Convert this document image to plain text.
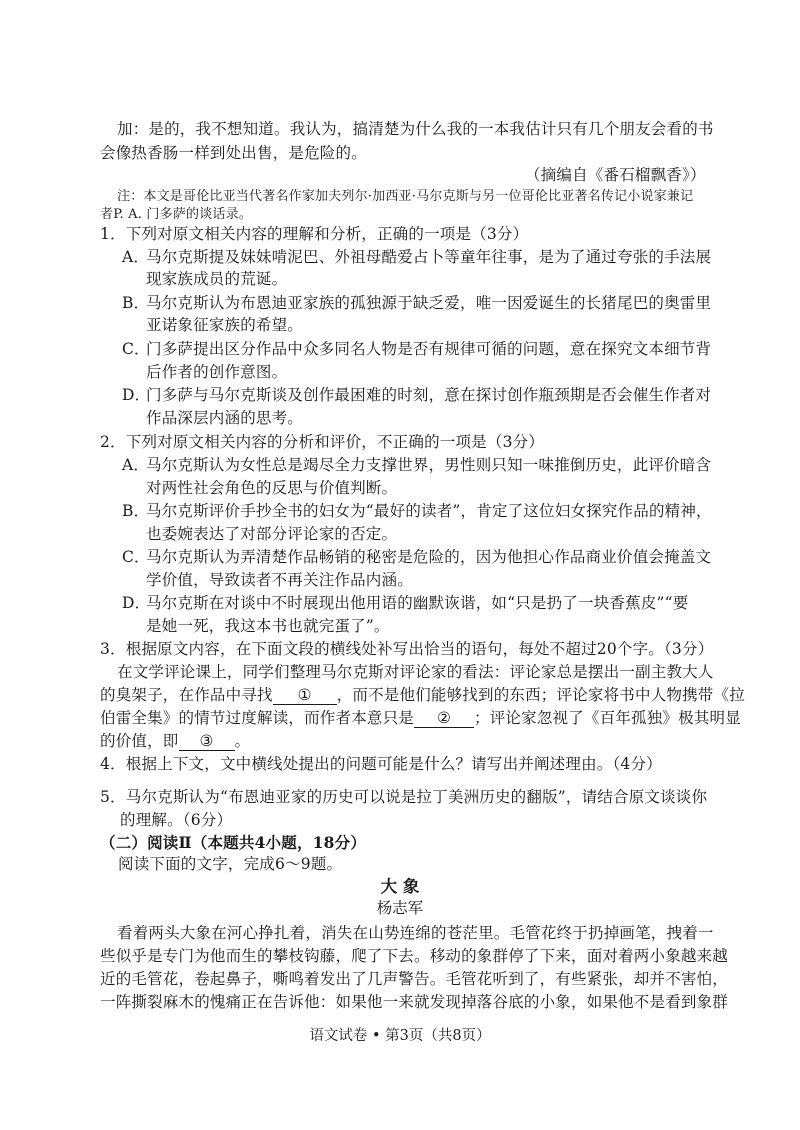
加：是的，我不想知道。我认为，搞清楚为什么我的一本我估计只有几个朋友会看的书
会像热香肠一样到处出售，是危险的。
（摘编自《番石榴飘香》）
注：本文是哥伦比亚当代著名作家加夫列尔·加西亚·马尔克斯与另一位哥伦比亚著名传记小说家兼记
者P. A. 门多萨的谈话录。
1．下列对原文相关内容的理解和分析，正确的一项是（3分）
A．
马尔克斯提及妹妹啃泥巴、外祖母酷爱占卜等童年往事，是为了通过夸张的手法展
现家族成员的荒诞。
B．
马尔克斯认为布恩迪亚家族的孤独源于缺乏爱，唯一因爱诞生的长猪尾巴的奥雷里
亚诺象征家族的希望。
C．
门多萨提出区分作品中众多同名人物是否有规律可循的问题，意在探究文本细节背
后作者的创作意图。
D．
门多萨与马尔克斯谈及创作最困难的时刻，意在探讨创作瓶颈期是否会催生作者对
作品深层内涵的思考。
2．下列对原文相关内容的分析和评价，不正确的一项是（3分）
A．
马尔克斯认为女性总是竭尽全力支撑世界，男性则只知一味推倒历史，此评价暗含
对两性社会角色的反思与价值判断。
B．
马尔克斯评价手抄全书的妇女为“最好的读者”，肯定了这位妇女探究作品的精神，
也委婉表达了对部分评论家的否定。
C．
马尔克斯认为弄清楚作品畅销的秘密是危险的，因为他担心作品商业价值会掩盖文
学价值，导致读者不再关注作品内涵。
D．
马尔克斯在对谈中不时展现出他用语的幽默诙谐，如“只是扔了一块香蕉皮”“要
是她一死，我这本书也就完蛋了”。
3．根据原文内容，在下面文段的横线处补写出恰当的语句，每处不超过20个字。（3分）
在文学评论课上，同学们整理马尔克斯对评论家的看法：评论家总是摆出一副主教大人
的臭架子，在作品中寻找 ① ，而不是他们能够找到的东西；评论家将书中人物携带《拉
伯雷全集》的情节过度解读，而作者本意只是 ② ；评论家忽视了《百年孤独》极其明显
的价值，即 ③ 。
4．根据上下文，文中横线处提出的问题可能是什么？请写出并阐述理由。（4分）
5．马尔克斯认为“布恩迪亚家的历史可以说是拉丁美洲历史的翻版”，请结合原文谈谈你
的理解。（6分）
（二）阅读Ⅱ（本题共4小题，18分）
阅读下面的文字，完成6～9题。
大 象
杨志军
看着两头大象在河心挣扎着，消失在山势连绵的苍茫里。毛管花终于扔掉画笔，拽着一
些似乎是专门为他而生的攀枝钩藤，爬了下去。移动的象群停了下来，面对着两小象越来越
近的毛管花，卷起鼻子，嘶鸣着发出了几声警告。毛管花听到了，有些紧张，却并不害怕，
一阵撕裂麻木的愧痛正在告诉他：如果他一来就发现掉落谷底的小象，如果他不是看到象群
语文试卷 • 第3页（共8页）
